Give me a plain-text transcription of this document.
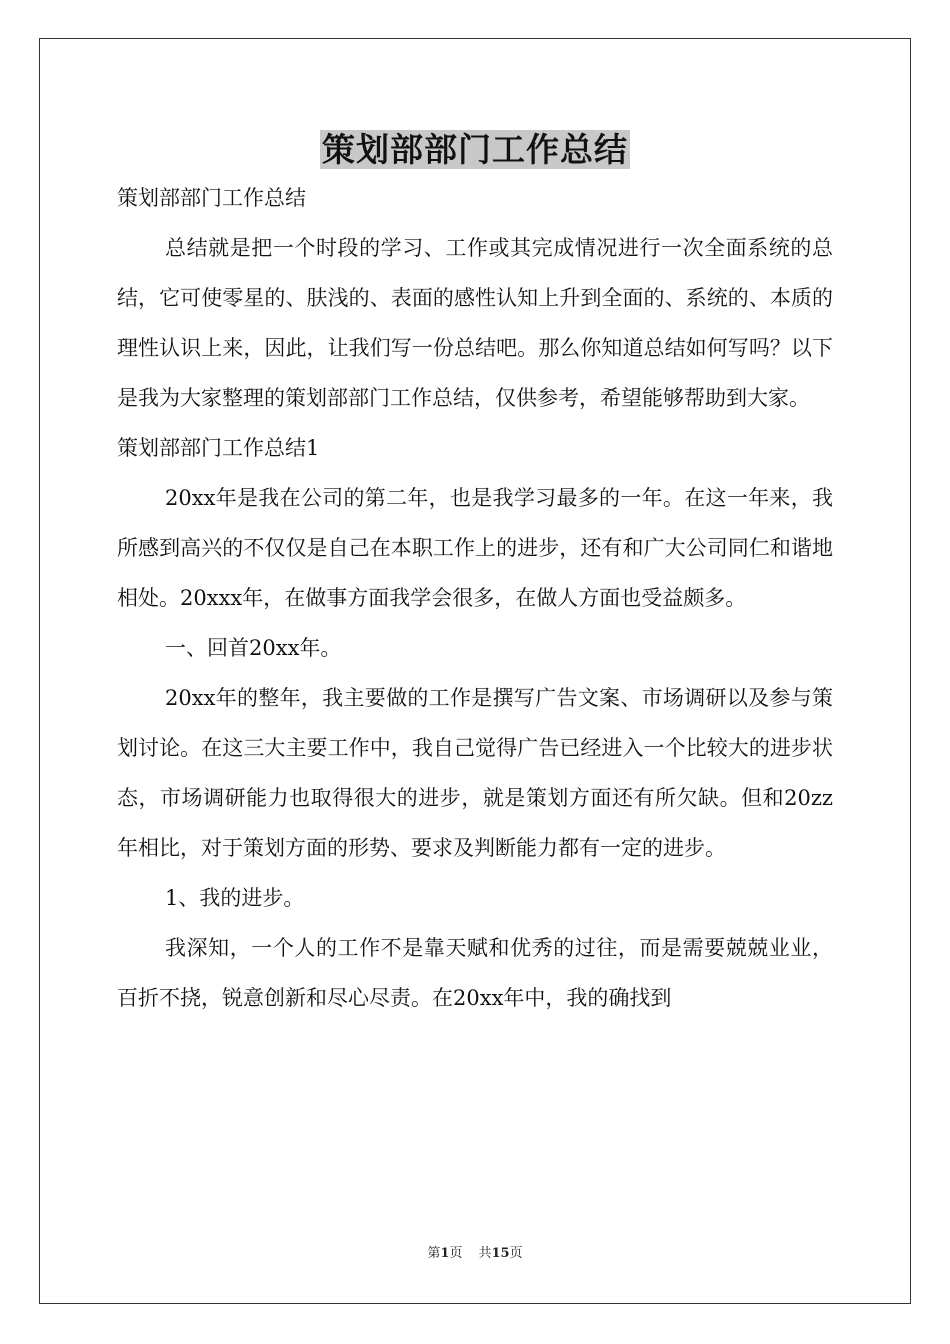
策划部部门工作总结

策划部部门工作总结

总结就是把一个时段的学习、工作或其完成情况进行一次全面系统的总结，它可使零星的、肤浅的、表面的感性认知上升到全面的、系统的、本质的理性认识上来，因此，让我们写一份总结吧。那么你知道总结如何写吗？以下是我为大家整理的策划部部门工作总结，仅供参考，希望能够帮助到大家。

策划部部门工作总结1

20xx年是我在公司的第二年，也是我学习最多的一年。在这一年来，我所感到高兴的不仅仅是自己在本职工作上的进步，还有和广大公司同仁和谐地相处。20xxx年，在做事方面我学会很多，在做人方面也受益颇多。

一、回首20xx年。

20xx年的整年，我主要做的工作是撰写广告文案、市场调研以及参与策划讨论。在这三大主要工作中，我自己觉得广告已经进入一个比较大的进步状态，市场调研能力也取得很大的进步，就是策划方面还有所欠缺。但和20zz年相比，对于策划方面的形势、要求及判断能力都有一定的进步。

1、我的进步。

我深知，一个人的工作不是靠天赋和优秀的过往，而是需要兢兢业业，百折不挠，锐意创新和尽心尽责。在20xx年中，我的确找到

第1页 共15页
